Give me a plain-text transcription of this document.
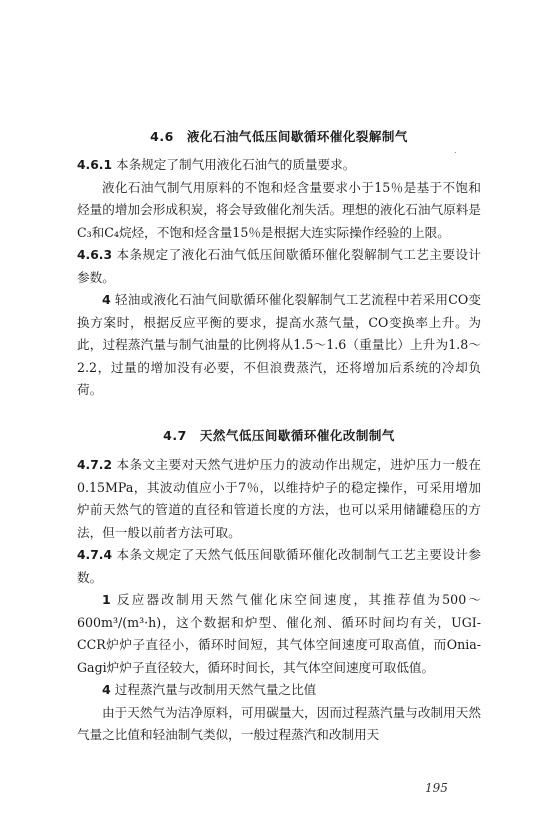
4.6　液化石油气低压间歇循环催化裂解制气
.

4.6.1 本条规定了制气用液化石油气的质量要求。

液化石油气制气用原料的不饱和烃含量要求小于15％是基于不饱和烃量的增加会形成积炭，将会导致催化剂失活。理想的液化石油气原料是C₃和C₄烷烃，不饱和烃含量15％是根据大连实际操作经验的上限。

4.6.3 本条规定了液化石油气低压间歇循环催化裂解制气工艺主要设计参数。

4 轻油或液化石油气间歇循环催化裂解制气工艺流程中若采用CO变换方案时，根据反应平衡的要求，提高水蒸气量，CO变换率上升。为此，过程蒸汽量与制气油量的比例将从1.5～1.6（重量比）上升为1.8～2.2，过量的增加没有必要，不但浪费蒸汽，还将增加后系统的冷却负荷。

4.7　天然气低压间歇循环催化改制制气

4.7.2 本条文主要对天然气进炉压力的波动作出规定，进炉压力一般在0.15MPa，其波动值应小于7％，以维持炉子的稳定操作，可采用增加炉前天然气的管道的直径和管道长度的方法，也可以采用储罐稳压的方法，但一般以前者方法可取。

4.7.4 本条文规定了天然气低压间歇循环催化改制制气工艺主要设计参数。

1 反应器改制用天然气催化床空间速度，其推荐值为500～600m³/(m³·h)，这个数据和炉型、催化剂、循环时间均有关，UGI-CCR炉炉子直径小，循环时间短，其气体空间速度可取高值，而Onia-Gagi炉炉子直径较大，循环时间长，其气体空间速度可取低值。

4 过程蒸汽量与改制用天然气量之比值

由于天然气为洁净原料，可用碳量大，因而过程蒸汽量与改制用天然气量之比值和轻油制气类似，一般过程蒸汽和改制用天

195
